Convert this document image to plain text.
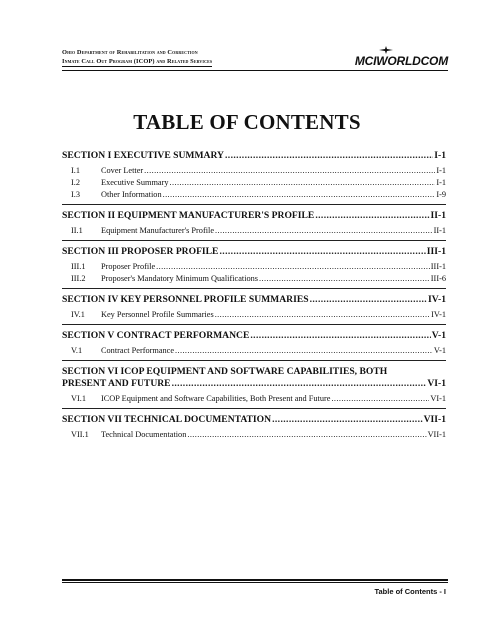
Ohio Department of Rehabilitation and Correction
Inmate Call Out Program (ICOP) and Related Services	MCIWORLDCOM
TABLE OF CONTENTS
SECTION I EXECUTIVE SUMMARY .....	I-1
I.1	Cover Letter .....	I-1
I.2	Executive Summary .....	I-1
I.3	Other Information .....	I-9
SECTION II EQUIPMENT MANUFACTURER'S PROFILE .....	II-1
II.1	Equipment Manufacturer's Profile .....	II-1
SECTION III PROPOSER PROFILE .....	III-1
III.1	Proposer Profile .....	III-1
III.2	Proposer's Mandatory Minimum Qualifications .....	III-6
SECTION IV KEY PERSONNEL PROFILE SUMMARIES .....	IV-1
IV.1	Key Personnel Profile Summaries .....	IV-1
SECTION V CONTRACT PERFORMANCE .....	V-1
V.1	Contract Performance .....	V-1
SECTION VI ICOP EQUIPMENT AND SOFTWARE CAPABILITIES, BOTH
PRESENT AND FUTURE .....	VI-1
VI.1	ICOP Equipment and Software Capabilities, Both Present and Future .....	VI-1
SECTION VII TECHNICAL DOCUMENTATION .....	VII-1
VII.1	Technical Documentation .....	VII-1
Table of Contents - I
